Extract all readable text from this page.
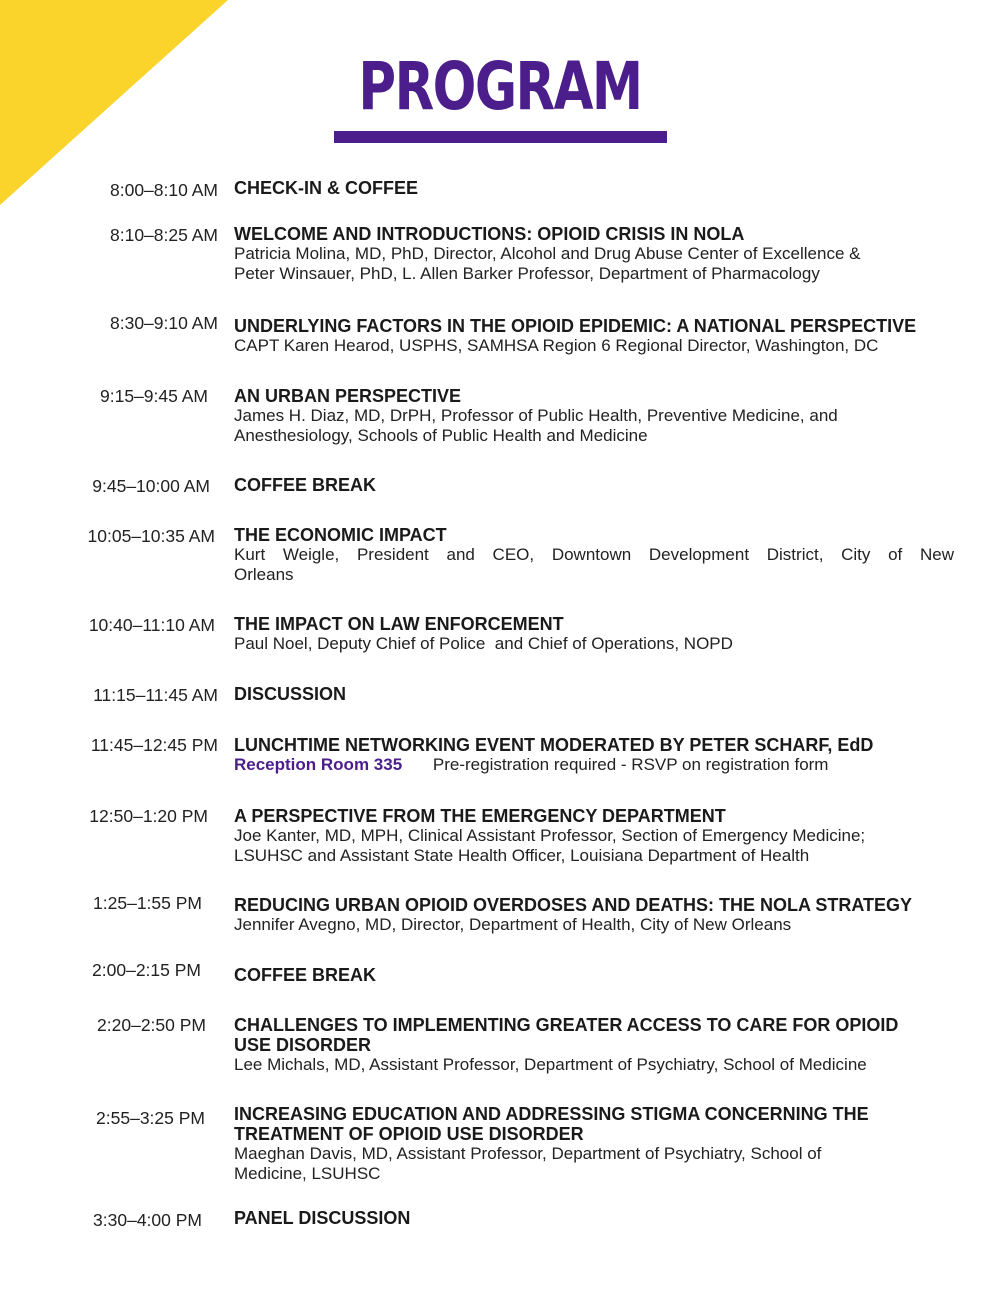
PROGRAM
8:00–8:10 AM CHECK-IN & COFFEE
8:10–8:25 AM WELCOME AND INTRODUCTIONS: OPIOID CRISIS IN NOLA
Patricia Molina, MD, PhD, Director, Alcohol and Drug Abuse Center of Excellence &
Peter Winsauer, PhD, L. Allen Barker Professor, Department of Pharmacology
8:30–9:10 AM UNDERLYING FACTORS IN THE OPIOID EPIDEMIC: A NATIONAL PERSPECTIVE
CAPT Karen Hearod, USPHS, SAMHSA Region 6 Regional Director, Washington, DC
9:15–9:45 AM AN URBAN PERSPECTIVE
James H. Diaz, MD, DrPH, Professor of Public Health, Preventive Medicine, and
Anesthesiology, Schools of Public Health and Medicine
9:45–10:00 AM COFFEE BREAK
10:05–10:35 AM THE ECONOMIC IMPACT
Kurt Weigle, President and CEO, Downtown Development District, City of New
Orleans
10:40–11:10 AM THE IMPACT ON LAW ENFORCEMENT
Paul Noel, Deputy Chief of Police  and Chief of Operations, NOPD
11:15–11:45 AM DISCUSSION
11:45–12:45 PM LUNCHTIME NETWORKING EVENT MODERATED BY PETER SCHARF, EdD
Reception Room 335 Pre-registration required - RSVP on registration form
12:50–1:20 PM A PERSPECTIVE FROM THE EMERGENCY DEPARTMENT
Joe Kanter, MD, MPH, Clinical Assistant Professor, Section of Emergency Medicine;
LSUHSC and Assistant State Health Officer, Louisiana Department of Health
1:25–1:55 PM REDUCING URBAN OPIOID OVERDOSES AND DEATHS: THE NOLA STRATEGY
Jennifer Avegno, MD, Director, Department of Health, City of New Orleans
2:00–2:15 PM COFFEE BREAK
2:20–2:50 PM CHALLENGES TO IMPLEMENTING GREATER ACCESS TO CARE FOR OPIOID
USE DISORDER
Lee Michals, MD, Assistant Professor, Department of Psychiatry, School of Medicine
2:55–3:25 PM INCREASING EDUCATION AND ADDRESSING STIGMA CONCERNING THE
TREATMENT OF OPIOID USE DISORDER
Maeghan Davis, MD, Assistant Professor, Department of Psychiatry, School of
Medicine, LSUHSC
3:30–4:00 PM PANEL DISCUSSION
